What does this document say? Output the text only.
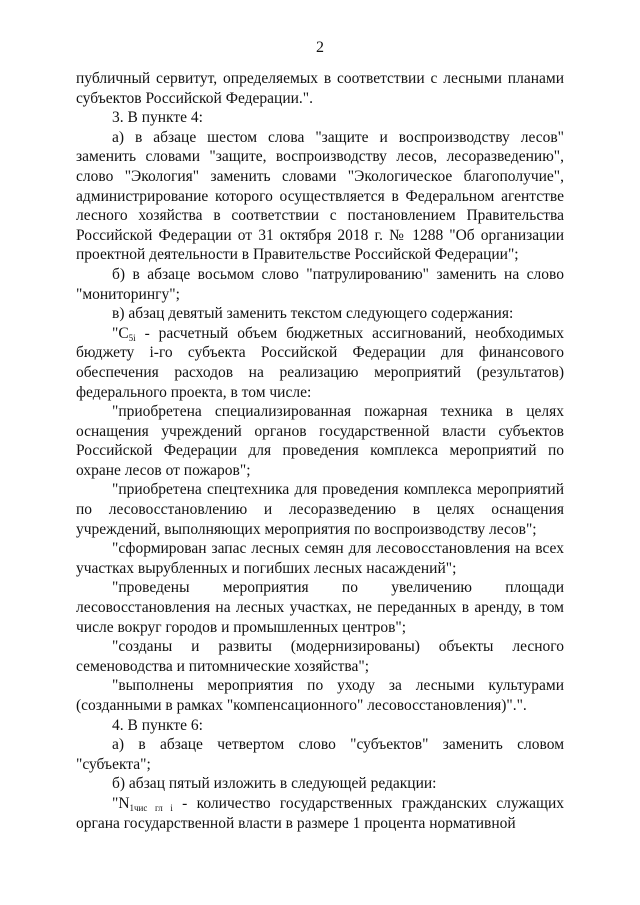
2

публичный сервитут, определяемых в соответствии с лесными планами субъектов Российской Федерации.".

3. В пункте 4:

а) в абзаце шестом слова "защите и воспроизводству лесов" заменить словами "защите, воспроизводству лесов, лесоразведению", слово "Экология" заменить словами "Экологическое благополучие", администрирование которого осуществляется в Федеральном агентстве лесного хозяйства в соответствии с постановлением Правительства Российской Федерации от 31 октября 2018 г. № 1288 "Об организации проектной деятельности в Правительстве Российской Федерации";

б) в абзаце восьмом слово "патрулированию" заменить на слово "мониторингу";

в) абзац девятый заменить текстом следующего содержания:

"$C_{5i}$ - расчетный объем бюджетных ассигнований, необходимых бюджету i-го субъекта Российской Федерации для финансового обеспечения расходов на реализацию мероприятий (результатов) федерального проекта, в том числе:

"приобретена специализированная пожарная техника в целях оснащения учреждений органов государственной власти субъектов Российской Федерации для проведения комплекса мероприятий по охране лесов от пожаров";

"приобретена спецтехника для проведения комплекса мероприятий по лесовосстановлению и лесоразведению в целях оснащения учреждений, выполняющих мероприятия по воспроизводству лесов";

"сформирован запас лесных семян для лесовосстановления на всех участках вырубленных и погибших лесных насаждений";

"проведены мероприятия по увеличению площади лесовосстановления на лесных участках, не переданных в аренду, в том числе вокруг городов и промышленных центров";

"созданы и развиты (модернизированы) объекты лесного семеноводства и питомнические хозяйства";

"выполнены мероприятия по уходу за лесными культурами (созданными в рамках "компенсационного" лесовосстановления)".".

4. В пункте 6:

а) в абзаце четвертом слово "субъектов" заменить словом "субъекта";

б) абзац пятый изложить в следующей редакции:

"$N_{1чис гл i}$ - количество государственных гражданских служащих органа государственной власти в размере 1 процента нормативной
